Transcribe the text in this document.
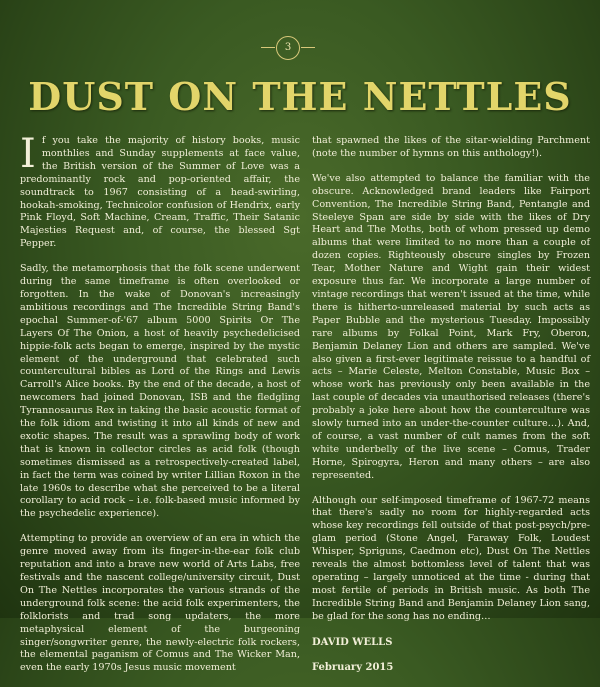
3
DUST ON THE NETTLES

If you take the majority of history books, music monthlies and Sunday supplements at face value, the British version of the Summer of Love was a predominantly rock and pop-oriented affair, the soundtrack to 1967 consisting of a head-swirling, hookah-smoking, Technicolor confusion of Hendrix, early Pink Floyd, Soft Machine, Cream, Traffic, Their Satanic Majesties Request and, of course, the blessed Sgt Pepper.

Sadly, the metamorphosis that the folk scene underwent during the same timeframe is often overlooked or forgotten. In the wake of Donovan's increasingly ambitious recordings and The Incredible String Band's epochal Summer-of-'67 album 5000 Spirits Or The Layers Of The Onion, a host of heavily psychedelicised hippie-folk acts began to emerge, inspired by the mystic element of the underground that celebrated such countercultural bibles as Lord of the Rings and Lewis Carroll's Alice books. By the end of the decade, a host of newcomers had joined Donovan, ISB and the fledgling Tyrannosaurus Rex in taking the basic acoustic format of the folk idiom and twisting it into all kinds of new and exotic shapes. The result was a sprawling body of work that is known in collector circles as acid folk (though sometimes dismissed as a retrospectively-created label, in fact the term was coined by writer Lillian Roxon in the late 1960s to describe what she perceived to be a literal corollary to acid rock – i.e. folk-based music informed by the psychedelic experience).

Attempting to provide an overview of an era in which the genre moved away from its finger-in-the-ear folk club reputation and into a brave new world of Arts Labs, free festivals and the nascent college/university circuit, Dust On The Nettles incorporates the various strands of the underground folk scene: the acid folk experimenters, the folklorists and trad song updaters, the more metaphysical element of the burgeoning singer/songwriter genre, the newly-electric folk rockers, the elemental paganism of Comus and The Wicker Man, even the early 1970s Jesus music movement

that spawned the likes of the sitar-wielding Parchment (note the number of hymns on this anthology!).

We've also attempted to balance the familiar with the obscure. Acknowledged brand leaders like Fairport Convention, The Incredible String Band, Pentangle and Steeleye Span are side by side with the likes of Dry Heart and The Moths, both of whom pressed up demo albums that were limited to no more than a couple of dozen copies. Righteously obscure singles by Frozen Tear, Mother Nature and Wight gain their widest exposure thus far. We incorporate a large number of vintage recordings that weren't issued at the time, while there is hitherto-unreleased material by such acts as Paper Bubble and the mysterious Tuesday. Impossibly rare albums by Folkal Point, Mark Fry, Oberon, Benjamin Delaney Lion and others are sampled. We've also given a first-ever legitimate reissue to a handful of acts – Marie Celeste, Melton Constable, Music Box – whose work has previously only been available in the last couple of decades via unauthorised releases (there's probably a joke here about how the counterculture was slowly turned into an under-the-counter culture…). And, of course, a vast number of cult names from the soft white underbelly of the live scene – Comus, Trader Horne, Spirogyra, Heron and many others – are also represented.

Although our self-imposed timeframe of 1967-72 means that there's sadly no room for highly-regarded acts whose key recordings fell outside of that post-psych/pre-glam period (Stone Angel, Faraway Folk, Loudest Whisper, Spriguns, Caedmon etc), Dust On The Nettles reveals the almost bottomless level of talent that was operating – largely unnoticed at the time - during that most fertile of periods in British music. As both The Incredible String Band and Benjamin Delaney Lion sang, be glad for the song has no ending…

DAVID WELLS

February 2015
